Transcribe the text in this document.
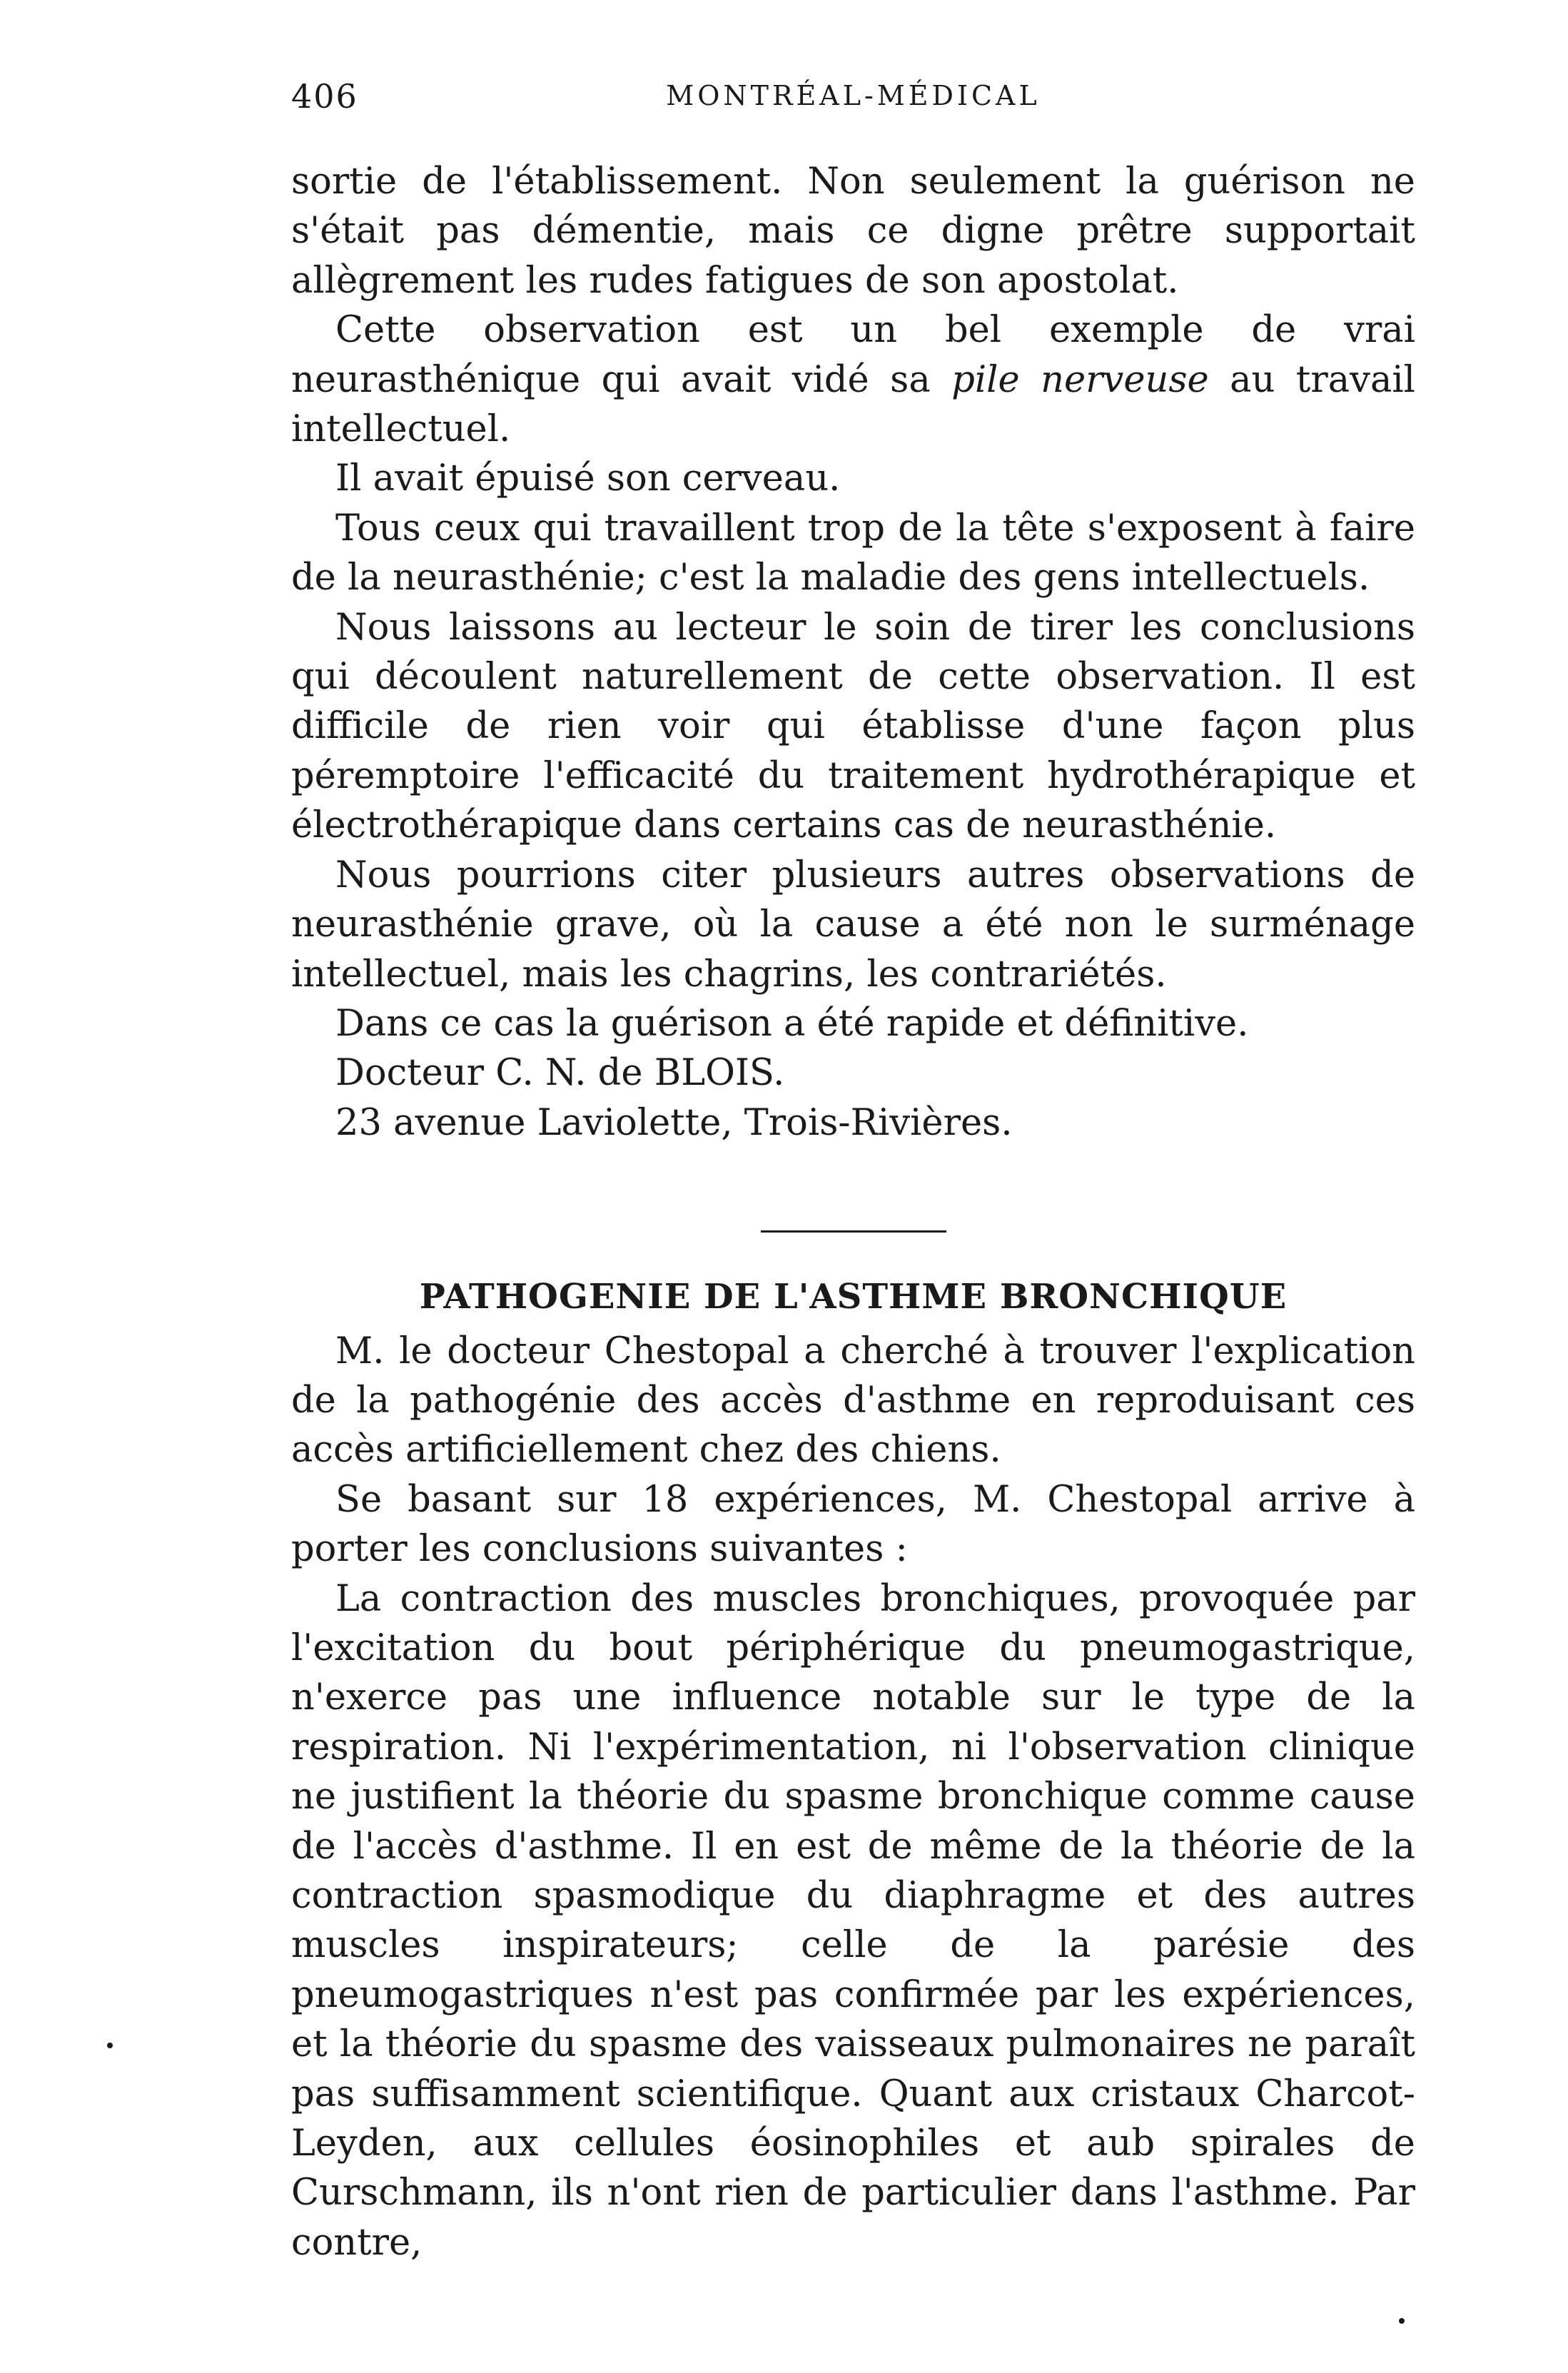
406	MONTRÉAL-MÉDICAL

sortie de l'établissement. Non seulement la guérison ne s'était pas démentie, mais ce digne prêtre supportait allègrement les rudes fatigues de son apostolat.

Cette observation est un bel exemple de vrai neurasthénique qui avait vidé sa pile nerveuse au travail intellectuel.

Il avait épuisé son cerveau.

Tous ceux qui travaillent trop de la tête s'exposent à faire de la neurasthénie; c'est la maladie des gens intellectuels.

Nous laissons au lecteur le soin de tirer les conclusions qui découlent naturellement de cette observation. Il est difficile de rien voir qui établisse d'une façon plus péremptoire l'efficacité du traitement hydrothérapique et électrothérapique dans certains cas de neurasthénie.

Nous pourrions citer plusieurs autres observations de neurasthénie grave, où la cause a été non le surménage intellectuel, mais les chagrins, les contrariétés.

Dans ce cas la guérison a été rapide et définitive.

Docteur C. N. de BLOIS.

23 avenue Laviolette, Trois-Rivières.

PATHOGENIE DE L'ASTHME BRONCHIQUE

M. le docteur Chestopal a cherché à trouver l'explication de la pathogénie des accès d'asthme en reproduisant ces accès artificiellement chez des chiens.

Se basant sur 18 expériences, M. Chestopal arrive à porter les conclusions suivantes :

La contraction des muscles bronchiques, provoquée par l'excitation du bout périphérique du pneumogastrique, n'exerce pas une influence notable sur le type de la respiration. Ni l'expérimentation, ni l'observation clinique ne justifient la théorie du spasme bronchique comme cause de l'accès d'asthme. Il en est de même de la théorie de la contraction spasmodique du diaphragme et des autres muscles inspirateurs; celle de la parésie des pneumogastriques n'est pas confirmée par les expériences, et la théorie du spasme des vaisseaux pulmonaires ne paraît pas suffisamment scientifique. Quant aux cristaux Charcot-Leyden, aux cellules éosinophiles et aub spirales de Curschmann, ils n'ont rien de particulier dans l'asthme. Par contre,
